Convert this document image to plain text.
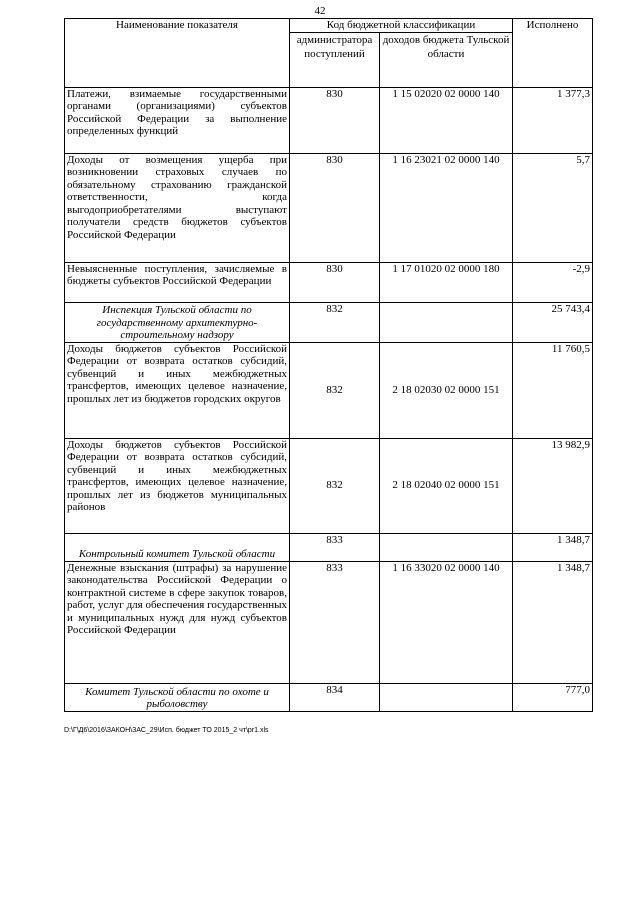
42
Наименование показателя	Код бюджетной классификации		Исполнено
	администратора поступлений	доходов бюджета Тульской области	
Платежи, взимаемые государственными органами (организациями) субъектов Российской Федерации за выполнение определенных функций	830	1 15 02020 02 0000 140	1 377,3
Доходы от возмещения ущерба при возникновении страховых случаев по обязательному страхованию гражданской ответственности, когда выгодоприобретателями выступают получатели средств бюджетов субъектов Российской Федерации	830	1 16 23021 02 0000 140	5,7
Невыясненные поступления, зачисляемые в бюджеты субъектов Российской Федерации	830	1 17 01020 02 0000 180	-2,9
Инспекция Тульской области по государственному архитектурно-строительному надзору	832		25 743,4
Доходы бюджетов субъектов Российской Федерации от возврата остатков субсидий, субвенций и иных межбюджетных трансфертов, имеющих целевое назначение, прошлых лет из бюджетов городских округов	832	2 18 02030 02 0000 151	11 760,5
Доходы бюджетов субъектов Российской Федерации от возврата остатков субсидий, субвенций и иных межбюджетных трансфертов, имеющих целевое назначение, прошлых лет из бюджетов муниципальных районов	832	2 18 02040 02 0000 151	13 982,9
Контрольный комитет Тульской области	833		1 348,7
Денежные взыскания (штрафы) за нарушение законодательства Российской Федерации о контрактной системе в сфере закупок товаров, работ, услуг для обеспечения государственных и муниципальных нужд для нужд субъектов Российской Федерации	833	1 16 33020 02 0000 140	1 348,7
Комитет Тульской области по охоте и рыболовству	834		777,0
D:\Г\Д6\2016\ЗАКОН\ЗАС_29\Исп. бюджет ТО 2015_2 чт\pr1.xls
